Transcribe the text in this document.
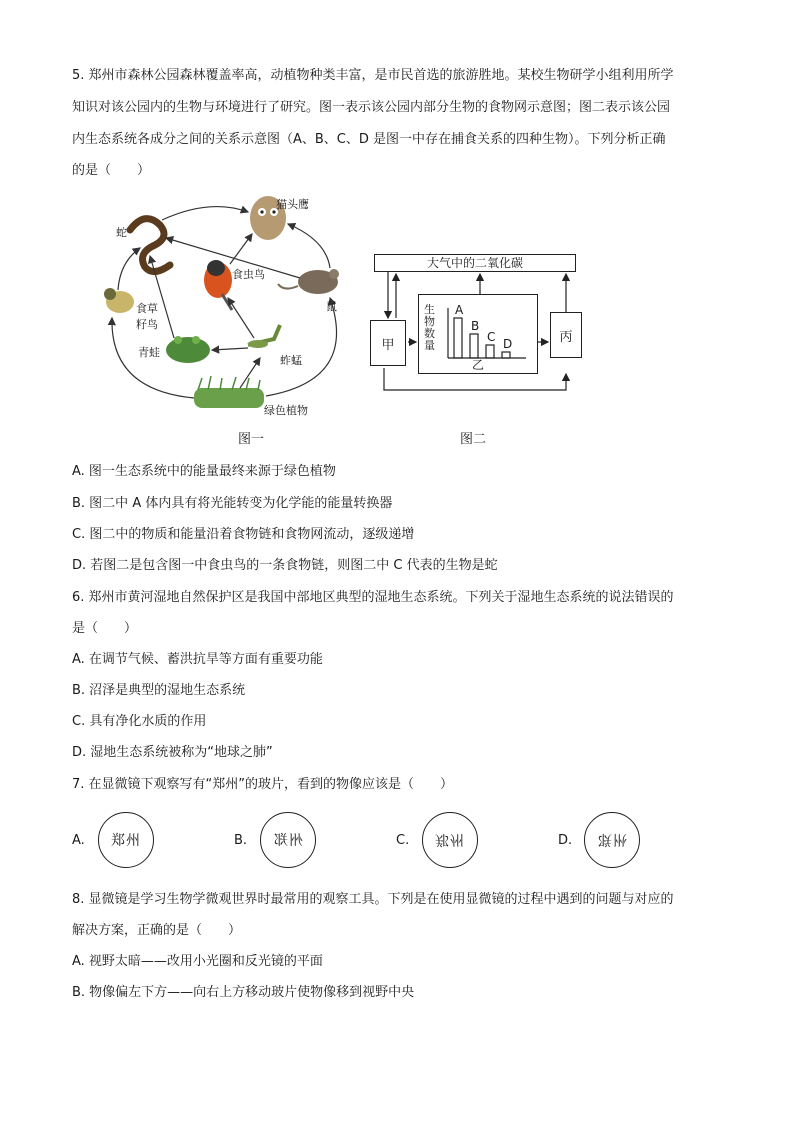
5. 郑州市森林公园森林覆盖率高，动植物种类丰富，是市民首选的旅游胜地。某校生物研学小组利用所学
知识对该公园内的生物与环境进行了研究。图一表示该公园内部分生物的食物网示意图；图二表示该公园
内生态系统各成分之间的关系示意图（A、B、C、D 是图一中存在捕食关系的四种生物）。下列分析正确
的是（　　）
猫头鹰
蛇
食虫鸟
鼠
食草
籽鸟
青蛙
蚱蜢
绿色植物
图一
大气中的二氧化碳
甲
丙
生物数量
乙
A
B
C D
图二
A. 图一生态系统中的能量最终来源于绿色植物
B. 图二中 A 体内具有将光能转变为化学能的能量转换器
C. 图二中的物质和能量沿着食物链和食物网流动，逐级递增
D. 若图二是包含图一中食虫鸟的一条食物链，则图二中 C 代表的生物是蛇
6. 郑州市黄河湿地自然保护区是我国中部地区典型的湿地生态系统。下列关于湿地生态系统的说法错误的
是（　　）
A. 在调节气候、蓄洪抗旱等方面有重要功能
B. 沼泽是典型的湿地生态系统
C. 具有净化水质的作用
D. 湿地生态系统被称为“地球之肺”
7. 在显微镜下观察写有“郑州”的玻片，看到的物像应该是（　　）
A. 郑州	B. 州郑	C. 郑州	D. 州郑
8. 显微镜是学习生物学微观世界时最常用的观察工具。下列是在使用显微镜的过程中遇到的问题与对应的
解决方案，正确的是（　　）
A. 视野太暗——改用小光圈和反光镜的平面
B. 物像偏左下方——向右上方移动玻片使物像移到视野中央
